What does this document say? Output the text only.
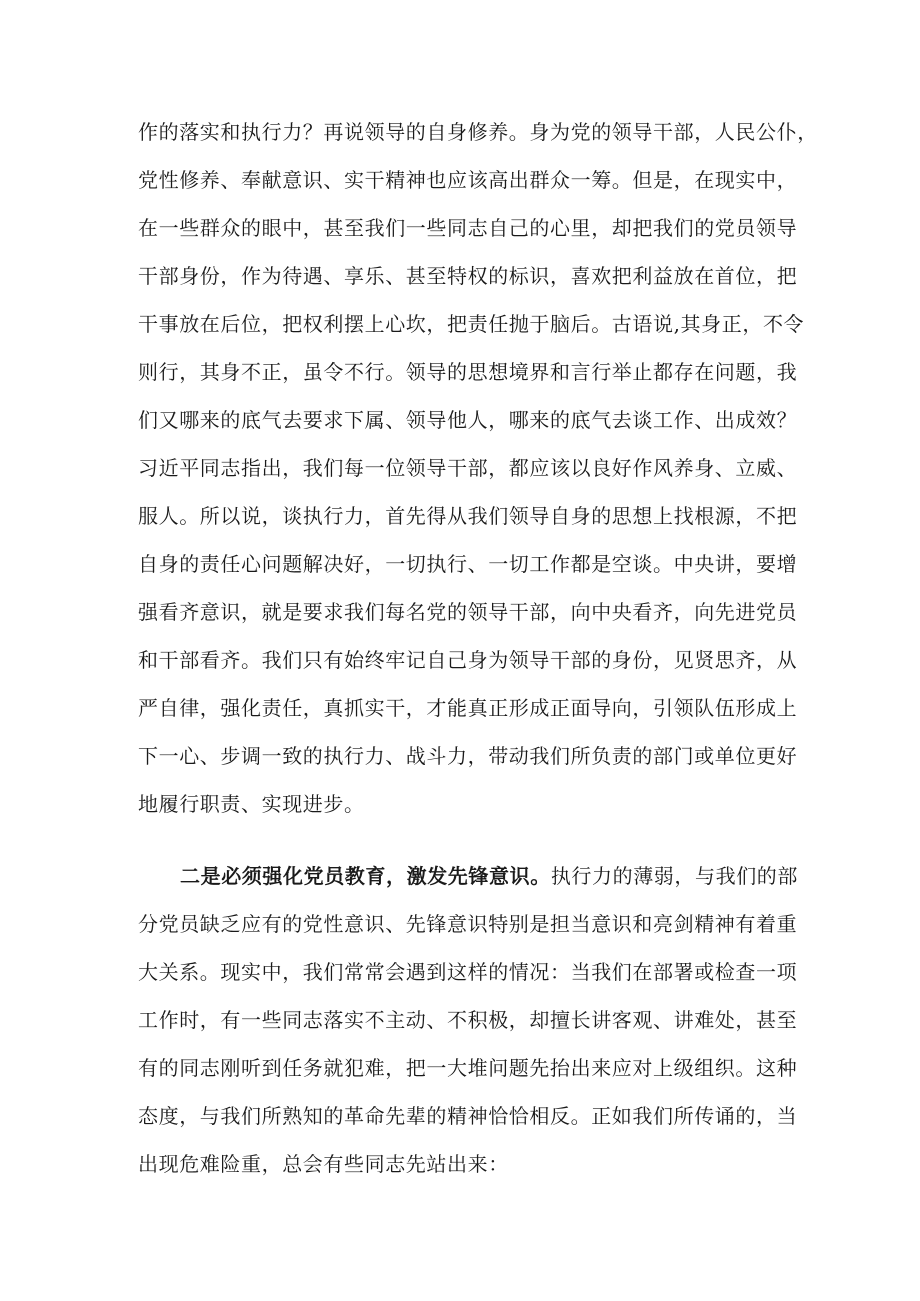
作的落实和执行力？再说领导的自身修养。身为党的领导干部，人民公仆，
党性修养、奉献意识、实干精神也应该高出群众一筹。但是，在现实中，
在一些群众的眼中，甚至我们一些同志自己的心里，却把我们的党员领导
干部身份，作为待遇、享乐、甚至特权的标识，喜欢把利益放在首位，把
干事放在后位，把权利摆上心坎，把责任抛于脑后。古语说,其身正，不令
则行，其身不正，虽令不行。领导的思想境界和言行举止都存在问题，我
们又哪来的底气去要求下属、领导他人，哪来的底气去谈工作、出成效？
习近平同志指出，我们每一位领导干部，都应该以良好作风养身、立威、
服人。所以说，谈执行力，首先得从我们领导自身的思想上找根源，不把
自身的责任心问题解决好，一切执行、一切工作都是空谈。中央讲，要增
强看齐意识，就是要求我们每名党的领导干部，向中央看齐，向先进党员
和干部看齐。我们只有始终牢记自己身为领导干部的身份，见贤思齐，从
严自律，强化责任，真抓实干，才能真正形成正面导向，引领队伍形成上
下一心、步调一致的执行力、战斗力，带动我们所负责的部门或单位更好
地履行职责、实现进步。
二是必须强化党员教育，激发先锋意识。执行力的薄弱，与我们的部
分党员缺乏应有的党性意识、先锋意识特别是担当意识和亮剑精神有着重
大关系。现实中，我们常常会遇到这样的情况：当我们在部署或检查一项
工作时，有一些同志落实不主动、不积极，却擅长讲客观、讲难处，甚至
有的同志刚听到任务就犯难，把一大堆问题先抬出来应对上级组织。这种
态度，与我们所熟知的革命先辈的精神恰恰相反。正如我们所传诵的，当
出现危难险重，总会有些同志先站出来：
